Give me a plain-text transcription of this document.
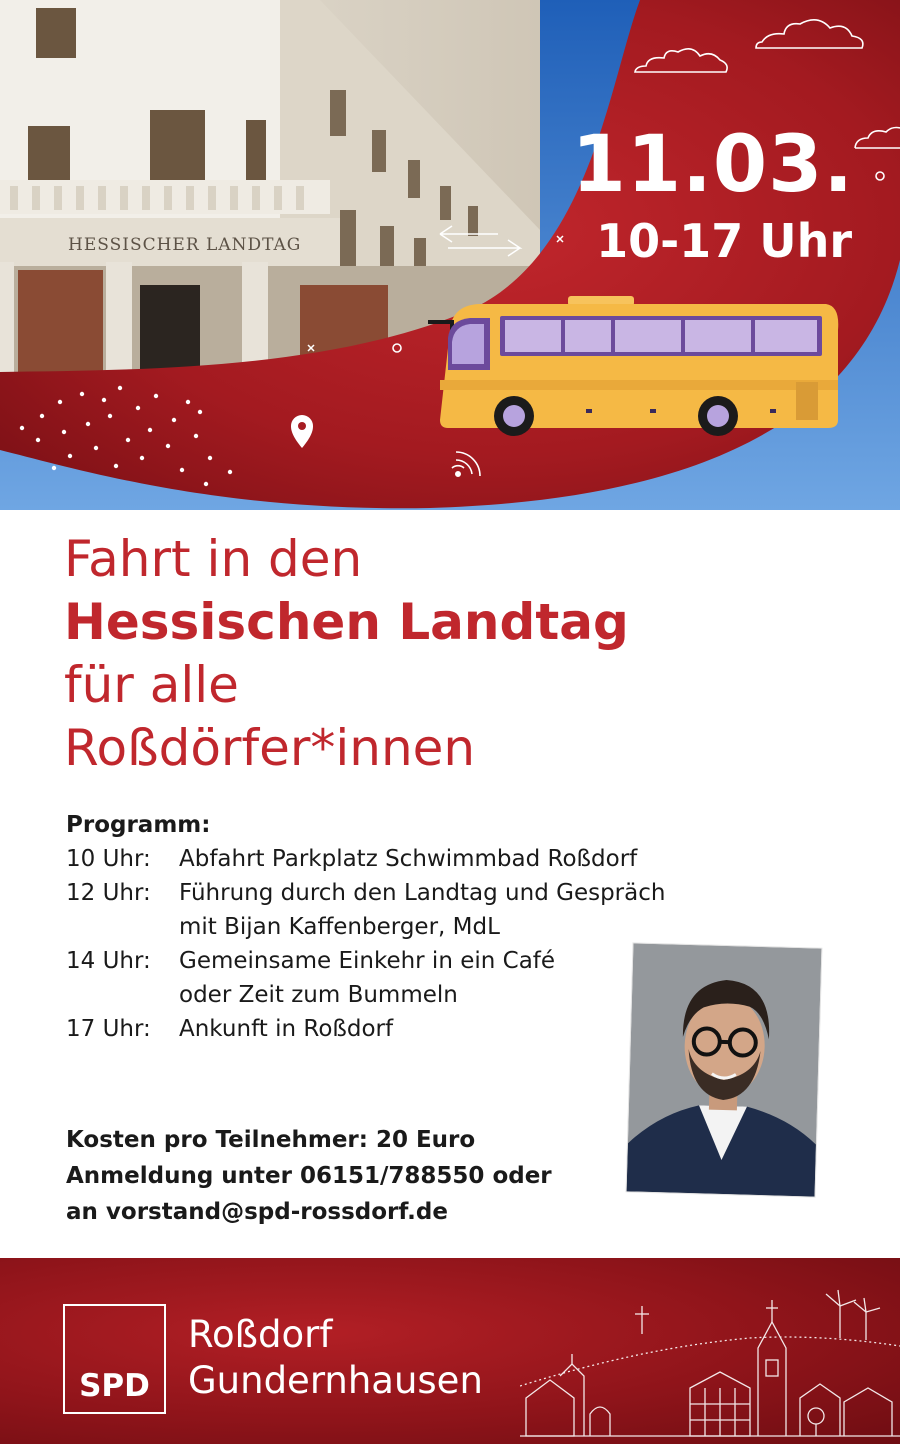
HESSISCHER LANDTAG
11.03.
10-17 Uhr
Fahrt in den
Hessischen Landtag
für alle
Roßdörfer*innen
Programm:
10 Uhr:	Abfahrt Parkplatz Schwimmbad Roßdorf
12 Uhr:	Führung durch den Landtag und Gespräch
mit Bijan Kaffenberger, MdL
14 Uhr:	Gemeinsame Einkehr in ein Café
oder Zeit zum Bummeln
17 Uhr:	Ankunft in Roßdorf
Kosten pro Teilnehmer: 20 Euro
Anmeldung unter 06151/788550 oder
an vorstand@spd-rossdorf.de
SPD
Roßdorf
Gundernhausen
